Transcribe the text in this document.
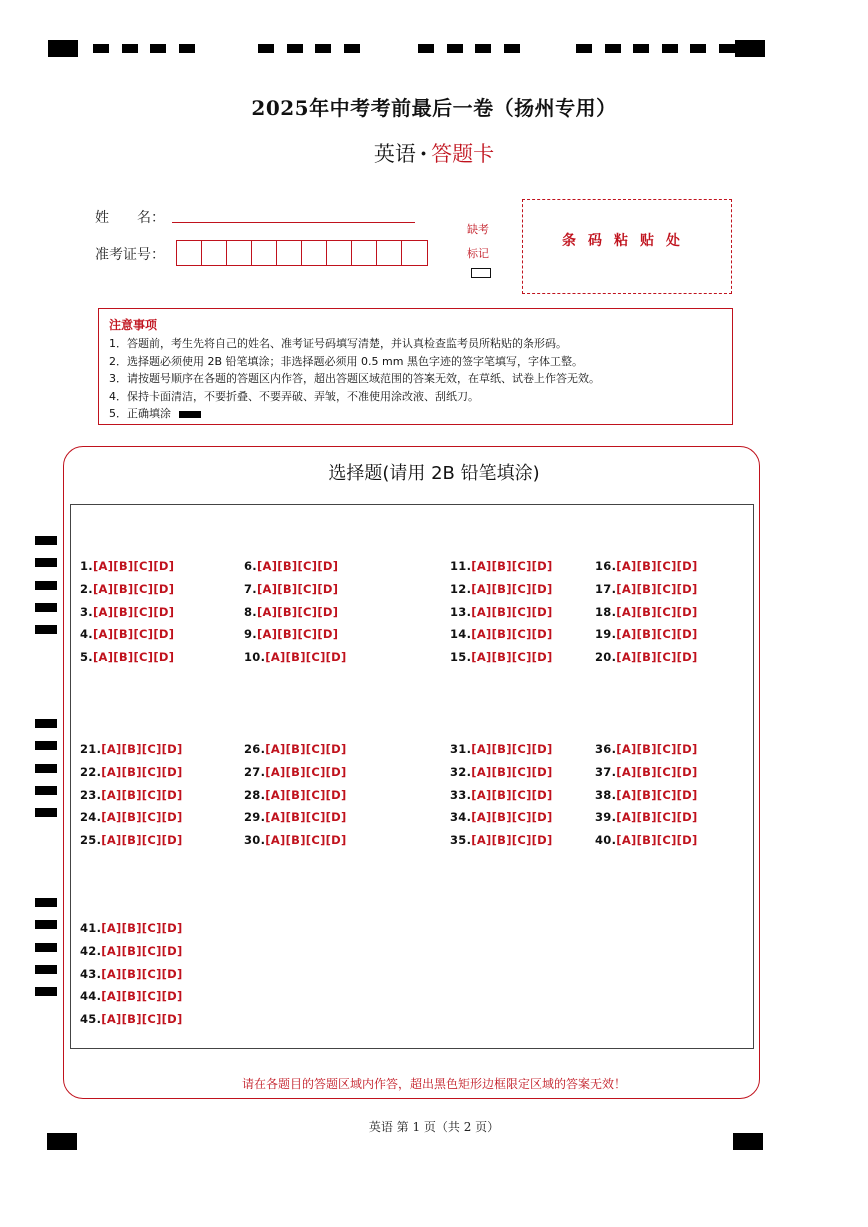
2025年中考考前最后一卷（扬州专用）
英语 · 答题卡
姓　　名：
准考证号：
缺考
标记
条码粘贴处
注意事项
1．答题前，考生先将自己的姓名、准考证号码填写清楚，并认真检查监考员所粘贴的条形码。
2．选择题必须使用 2B 铅笔填涂；非选择题必须用 0.5 mm 黑色字迹的签字笔填写，字体工整。
3．请按题号顺序在各题的答题区内作答，超出答题区域范围的答案无效，在草纸、试卷上作答无效。
4．保持卡面清洁，不要折叠、不要弄破、弄皱，不准使用涂改液、刮纸刀。
5．正确填涂
选择题(请用 2B 铅笔填涂)
1.[A][B][C][D]
2.[A][B][C][D]
3.[A][B][C][D]
4.[A][B][C][D]
5.[A][B][C][D]
6.[A][B][C][D]
7.[A][B][C][D]
8.[A][B][C][D]
9.[A][B][C][D]
10.[A][B][C][D]
11.[A][B][C][D]
12.[A][B][C][D]
13.[A][B][C][D]
14.[A][B][C][D]
15.[A][B][C][D]
16.[A][B][C][D]
17.[A][B][C][D]
18.[A][B][C][D]
19.[A][B][C][D]
20.[A][B][C][D]
21.[A][B][C][D]
22.[A][B][C][D]
23.[A][B][C][D]
24.[A][B][C][D]
25.[A][B][C][D]
26.[A][B][C][D]
27.[A][B][C][D]
28.[A][B][C][D]
29.[A][B][C][D]
30.[A][B][C][D]
31.[A][B][C][D]
32.[A][B][C][D]
33.[A][B][C][D]
34.[A][B][C][D]
35.[A][B][C][D]
36.[A][B][C][D]
37.[A][B][C][D]
38.[A][B][C][D]
39.[A][B][C][D]
40.[A][B][C][D]
41.[A][B][C][D]
42.[A][B][C][D]
43.[A][B][C][D]
44.[A][B][C][D]
45.[A][B][C][D]
请在各题目的答题区域内作答，超出黑色矩形边框限定区域的答案无效！
英语 第 1 页（共 2 页）
